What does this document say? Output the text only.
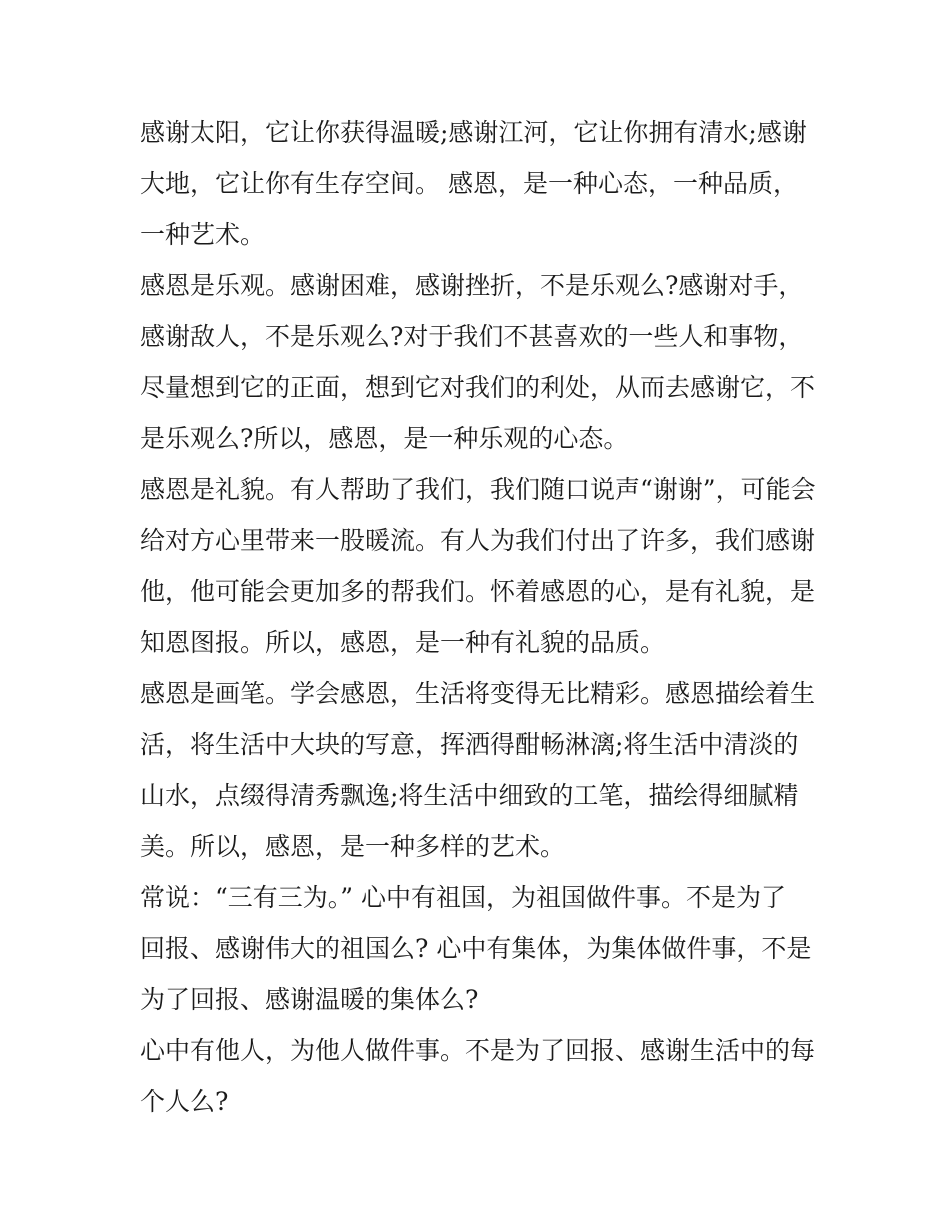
感谢太阳，它让你获得温暖;感谢江河，它让你拥有清水;感谢
大地，它让你有生存空间。 感恩，是一种心态，一种品质，
一种艺术。
感恩是乐观。感谢困难，感谢挫折，不是乐观么?感谢对手，
感谢敌人，不是乐观么?对于我们不甚喜欢的一些人和事物，
尽量想到它的正面，想到它对我们的利处，从而去感谢它，不
是乐观么?所以，感恩，是一种乐观的心态。
感恩是礼貌。有人帮助了我们，我们随口说声“谢谢”，可能会
给对方心里带来一股暖流。有人为我们付出了许多，我们感谢
他，他可能会更加多的帮我们。怀着感恩的心，是有礼貌，是
知恩图报。所以，感恩，是一种有礼貌的品质。
感恩是画笔。学会感恩，生活将变得无比精彩。感恩描绘着生
活，将生活中大块的写意，挥洒得酣畅淋漓;将生活中清淡的
山水，点缀得清秀飘逸;将生活中细致的工笔，描绘得细腻精
美。所以，感恩，是一种多样的艺术。
常说：“三有三为。” 心中有祖国，为祖国做件事。不是为了
回报、感谢伟大的祖国么? 心中有集体，为集体做件事，不是
为了回报、感谢温暖的集体么?
心中有他人，为他人做件事。不是为了回报、感谢生活中的每
个人么?
